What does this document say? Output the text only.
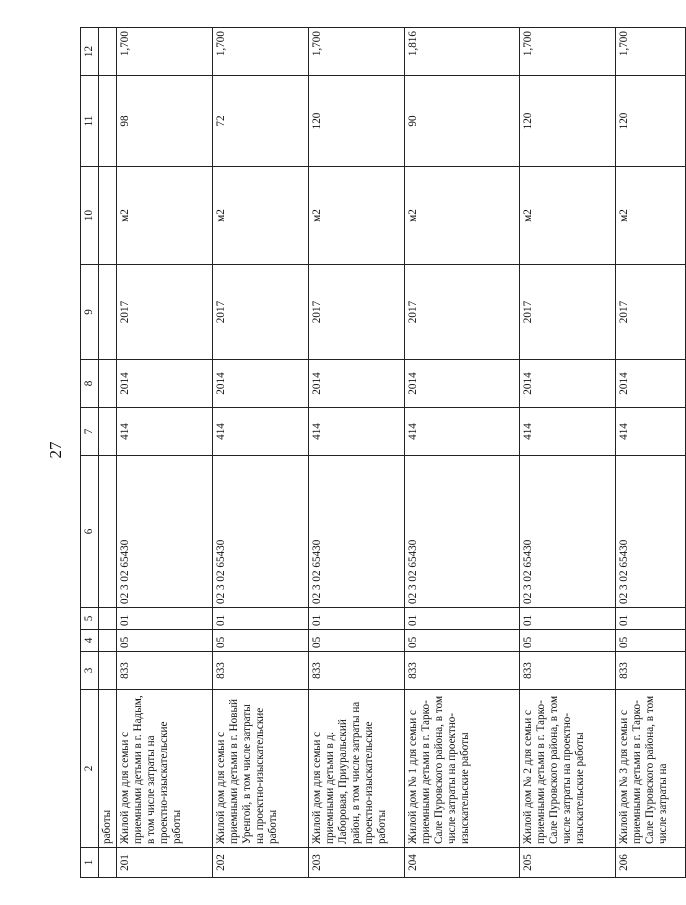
27
1	2	3	4	5	6	7	8	9	10	11	12
	работы										
201	Жилой дом для семьи с приемными детьми в г. Надым, в том числе затраты на проектно-изыскательские работы	833	05	01	02 3 02 65430	414	2014	2017	м2	98	1,700
202	Жилой дом для семьи с приемными детьми в г. Новый Уренгой, в том числе затраты на проектно-изыскательские работы	833	05	01	02 3 02 65430	414	2014	2017	м2	72	1,700
203	Жилой дом для семьи с приемными детьми в д. Лаборовая, Приуральский район, в том числе затраты на проектно-изыскательские работы	833	05	01	02 3 02 65430	414	2014	2017	м2	120	1,700
204	Жилой дом № 1 для семьи с приемными детьми в г. Тарко-Сале Пуровского района, в том числе затраты на проектно-изыскательские работы	833	05	01	02 3 02 65430	414	2014	2017	м2	90	1,816
205	Жилой дом № 2 для семьи с приемными детьми в г. Тарко-Сале Пуровского района, в том числе затраты на проектно-изыскательские работы	833	05	01	02 3 02 65430	414	2014	2017	м2	120	1,700
206	Жилой дом № 3 для семьи с приемными детьми в г. Тарко-Сале Пуровского района, в том числе затраты на	833	05	01	02 3 02 65430	414	2014	2017	м2	120	1,700
